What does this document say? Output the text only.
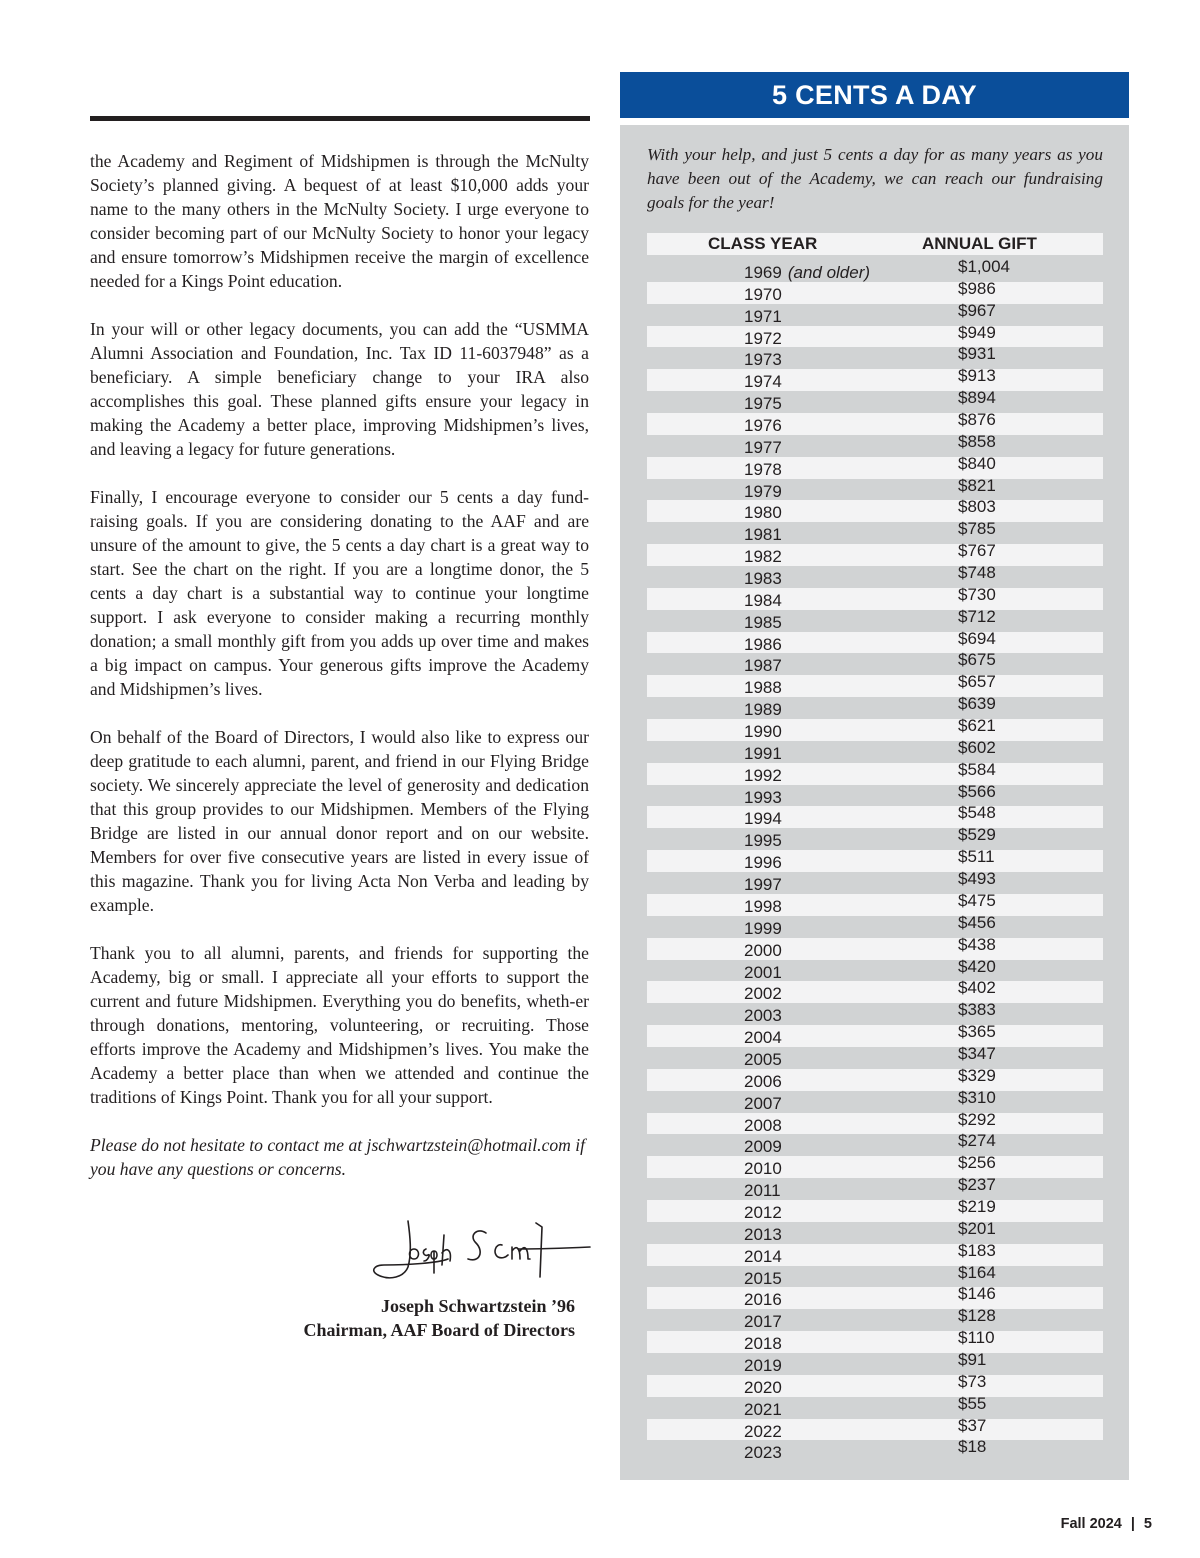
the Academy and Regiment of Midshipmen is through the McNulty Society’s planned giving. A bequest of at least $10,000 adds your name to the many others in the McNulty Society. I urge everyone to consider becoming part of our McNulty Society to honor your legacy and ensure tomorrow’s Midshipmen receive the margin of excellence needed for a Kings Point education.

In your will or other legacy documents, you can add the “USMMA Alumni Association and Foundation, Inc. Tax ID 11-6037948” as a beneficiary. A simple beneficiary change to your IRA also accomplishes this goal. These planned gifts ensure your legacy in making the Academy a better place, improving Midshipmen’s lives, and leaving a legacy for future generations.

Finally, I encourage everyone to consider our 5 cents a day fund-raising goals. If you are considering donating to the AAF and are unsure of the amount to give, the 5 cents a day chart is a great way to start. See the chart on the right. If you are a longtime donor, the 5 cents a day chart is a substantial way to continue your longtime support. I ask everyone to consider making a recurring monthly donation; a small monthly gift from you adds up over time and makes a big impact on campus. Your generous gifts improve the Academy and Midshipmen’s lives.

On behalf of the Board of Directors, I would also like to express our deep gratitude to each alumni, parent, and friend in our Flying Bridge society. We sincerely appreciate the level of generosity and dedication that this group provides to our Midshipmen. Members of the Flying Bridge are listed in our annual donor report and on our website. Members for over five consecutive years are listed in every issue of this magazine. Thank you for living Acta Non Verba and leading by example.

Thank you to all alumni, parents, and friends for supporting the Academy, big or small. I appreciate all your efforts to support the current and future Midshipmen. Everything you do benefits, wheth-er through donations, mentoring, volunteering, or recruiting. Those efforts improve the Academy and Midshipmen’s lives. You make the Academy a better place than when we attended and continue the traditions of Kings Point. Thank you for all your support.

Please do not hesitate to contact me at jschwartzstein@hotmail.com if you have any questions or concerns.

Joseph Schwartzstein ’96
Chairman, AAF Board of Directors
5 CENTS A DAY
With your help, and just 5 cents a day for as many years as you have been out of the Academy, we can reach our fundraising goals for the year!
CLASS YEAR	ANNUAL GIFT
1969 (and older)	$1,004
1970	$986
1971	$967
1972	$949
1973	$931
1974	$913
1975	$894
1976	$876
1977	$858
1978	$840
1979	$821
1980	$803
1981	$785
1982	$767
1983	$748
1984	$730
1985	$712
1986	$694
1987	$675
1988	$657
1989	$639
1990	$621
1991	$602
1992	$584
1993	$566
1994	$548
1995	$529
1996	$511
1997	$493
1998	$475
1999	$456
2000	$438
2001	$420
2002	$402
2003	$383
2004	$365
2005	$347
2006	$329
2007	$310
2008	$292
2009	$274
2010	$256
2011	$237
2012	$219
2013	$201
2014	$183
2015	$164
2016	$146
2017	$128
2018	$110
2019	$91
2020	$73
2021	$55
2022	$37
2023	$18
Fall 2024 | 5
